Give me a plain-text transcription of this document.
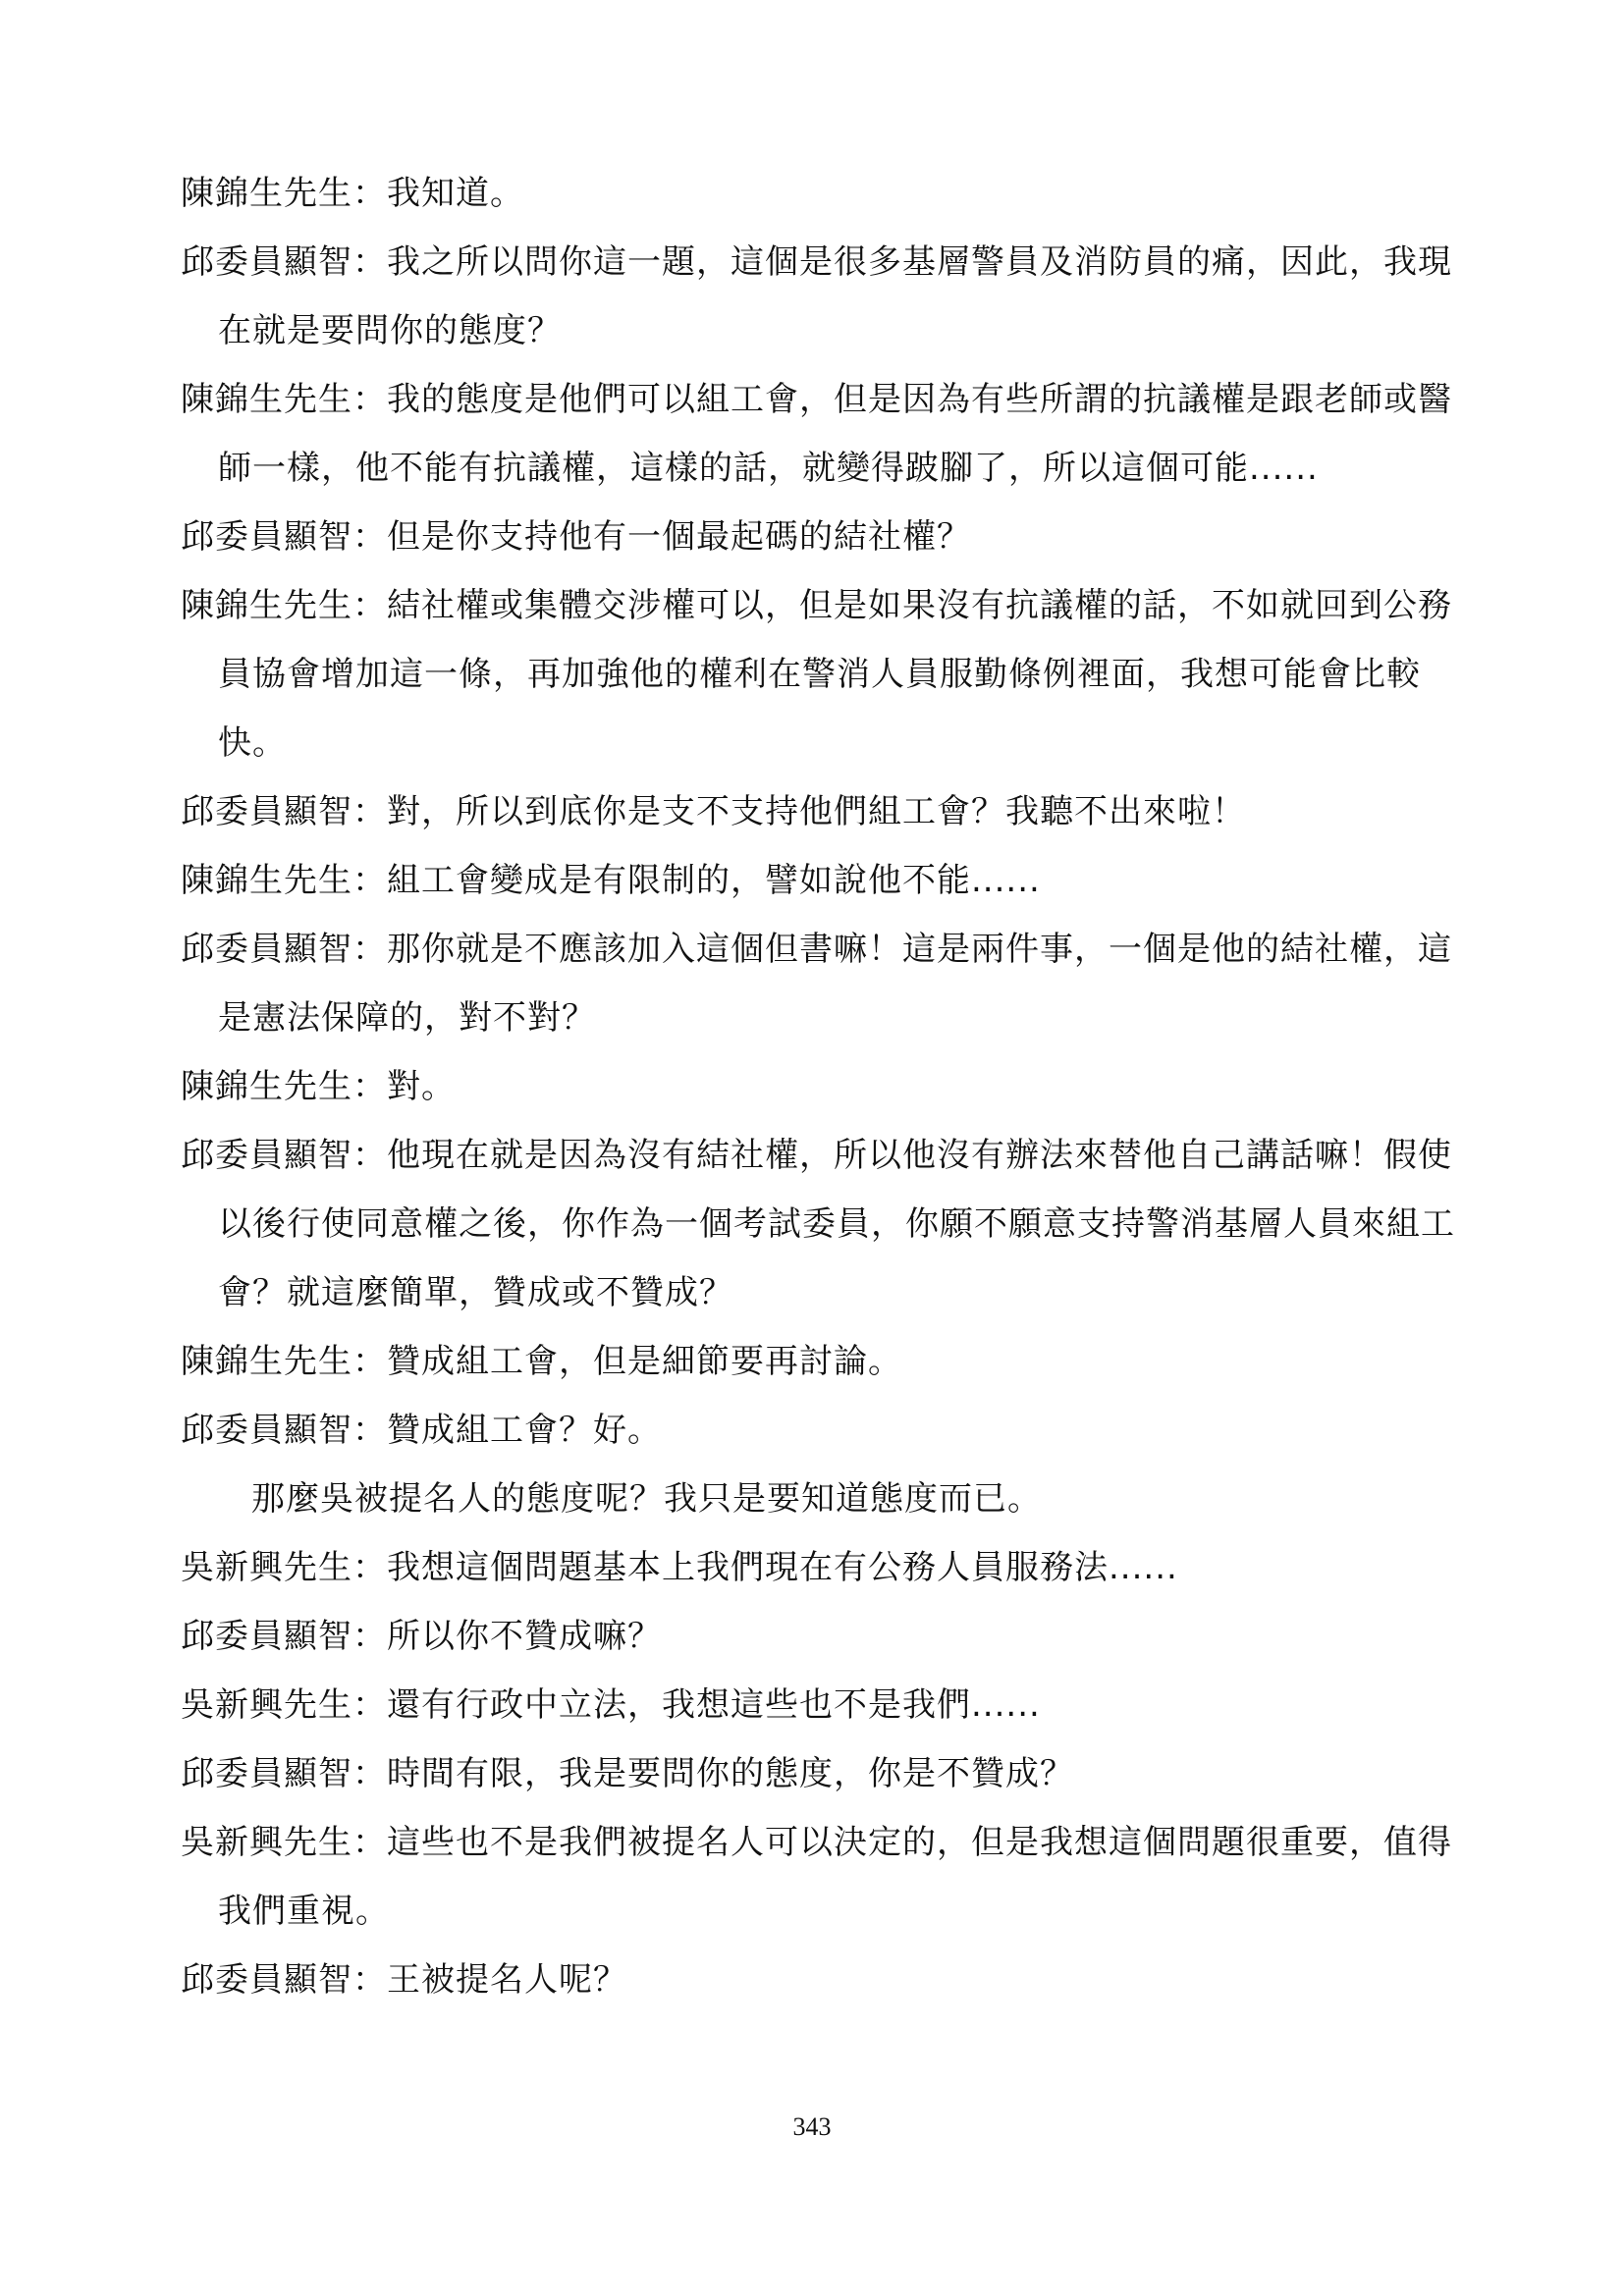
陳錦生先生：我知道。

邱委員顯智：我之所以問你這一題，這個是很多基層警員及消防員的痛，因此，我現在就是要問你的態度？

陳錦生先生：我的態度是他們可以組工會，但是因為有些所謂的抗議權是跟老師或醫師一樣，他不能有抗議權，這樣的話，就變得跛腳了，所以這個可能......

邱委員顯智：但是你支持他有一個最起碼的結社權？

陳錦生先生：結社權或集體交涉權可以，但是如果沒有抗議權的話，不如就回到公務員協會增加這一條，再加強他的權利在警消人員服勤條例裡面，我想可能會比較快。

邱委員顯智：對，所以到底你是支不支持他們組工會？我聽不出來啦！

陳錦生先生：組工會變成是有限制的，譬如說他不能......

邱委員顯智：那你就是不應該加入這個但書嘛！這是兩件事，一個是他的結社權，這是憲法保障的，對不對？

陳錦生先生：對。

邱委員顯智：他現在就是因為沒有結社權，所以他沒有辦法來替他自己講話嘛！假使以後行使同意權之後，你作為一個考試委員，你願不願意支持警消基層人員來組工會？就這麼簡單，贊成或不贊成？

陳錦生先生：贊成組工會，但是細節要再討論。

邱委員顯智：贊成組工會？好。

那麼吳被提名人的態度呢？我只是要知道態度而已。

吳新興先生：我想這個問題基本上我們現在有公務人員服務法......

邱委員顯智：所以你不贊成嘛？

吳新興先生：還有行政中立法，我想這些也不是我們......

邱委員顯智：時間有限，我是要問你的態度，你是不贊成？

吳新興先生：這些也不是我們被提名人可以決定的，但是我想這個問題很重要，值得我們重視。

邱委員顯智：王被提名人呢？

343
